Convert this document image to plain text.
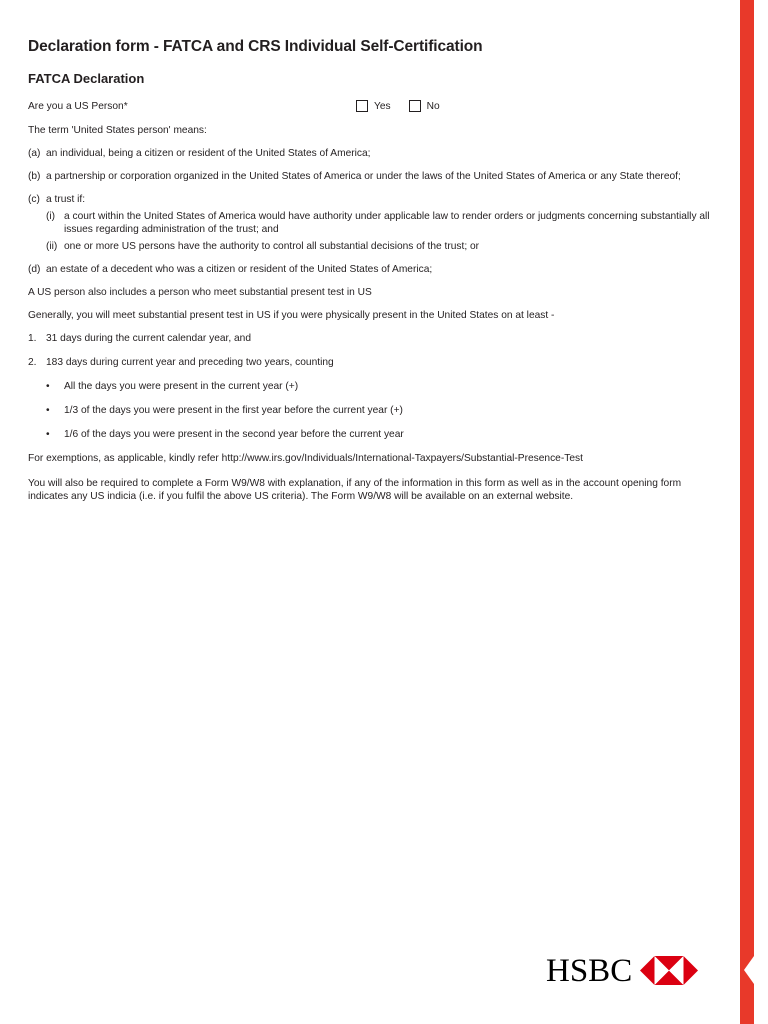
Declaration form - FATCA and CRS Individual Self-Certification
FATCA Declaration
Are you a US Person*	Yes	No

The term 'United States person' means:

(a) an individual, being a citizen or resident of the United States of America;
(b) a partnership or corporation organized in the United States of America or under the laws of the United States of America or any State thereof;
(c) a trust if:
(i) a court within the United States of America would have authority under applicable law to render orders or judgments concerning substantially all issues regarding administration of the trust; and
(ii) one or more US persons have the authority to control all substantial decisions of the trust; or
(d) an estate of a decedent who was a citizen or resident of the United States of America;

A US person also includes a person who meet substantial present test in US

Generally, you will meet substantial present test in US if you were physically present in the United States on at least -

1. 31 days during the current calendar year, and
2. 183 days during current year and preceding two years, counting
•	All the days you were present in the current year (+)
•	1/3 of the days you were present in the first year before the current year (+)
•	1/6 of the days you were present in the second year before the current year

For exemptions, as applicable, kindly refer http://www.irs.gov/Individuals/International-Taxpayers/Substantial-Presence-Test

You will also be required to complete a Form W9/W8 with explanation, if any of the information in this form as well as in the account opening form indicates any US indicia (i.e. if you fulfil the above US criteria). The Form W9/W8 will be available on an external website.

HSBC
